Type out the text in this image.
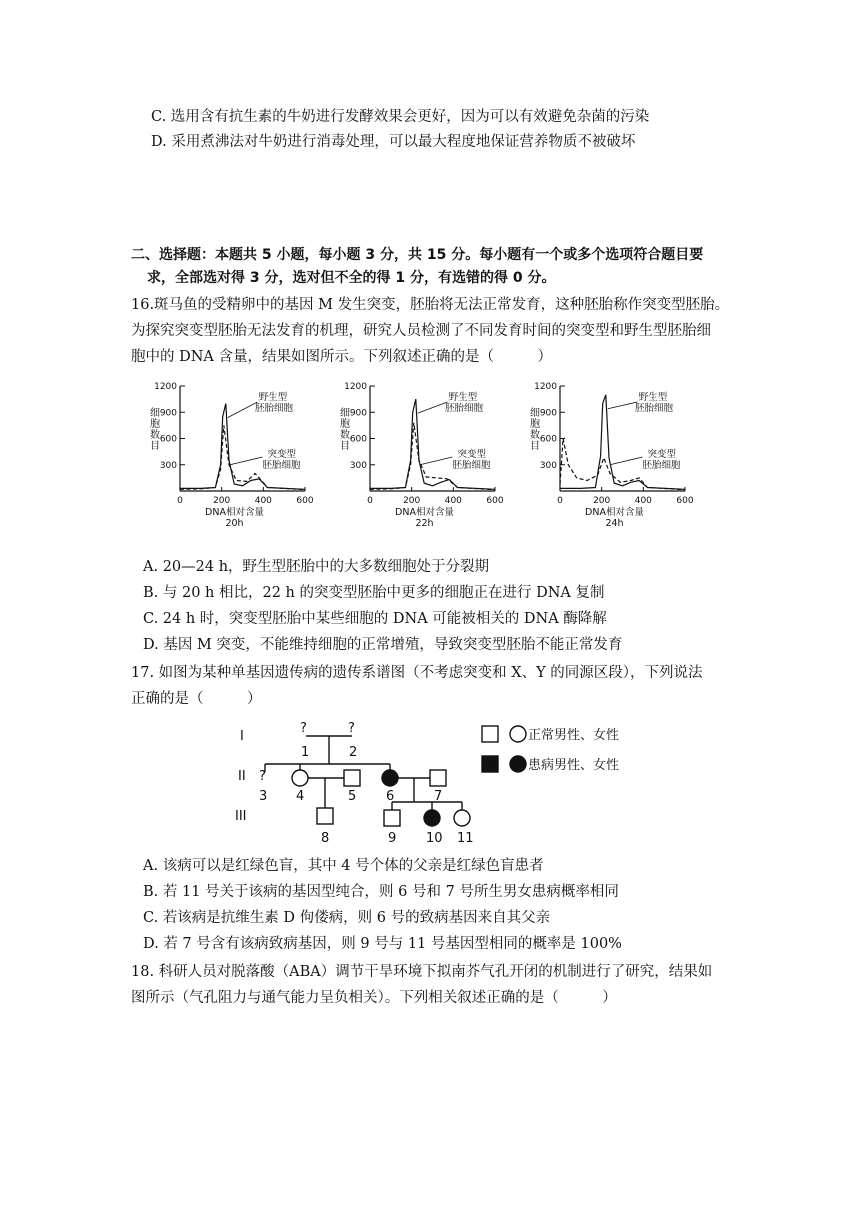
C. 选用含有抗生素的牛奶进行发酵效果会更好，因为可以有效避免杂菌的污染
D. 采用煮沸法对牛奶进行消毒处理，可以最大程度地保证营养物质不被破坏
二、选择题：本题共 5 小题，每小题 3 分，共 15 分。每小题有一个或多个选项符合题目要
求，全部选对得 3 分，选对但不全的得 1 分，有选错的得 0 分。
16.斑马鱼的受精卵中的基因 M 发生突变，胚胎将无法正常发育，这种胚胎称作突变型胚胎。
为探究突变型胚胎无法发育的机理，研究人员检测了不同发育时间的突变型和野生型胚胎细
胞中的 DNA 含量，结果如图所示。下列叙述正确的是（　　　）
300
600
900
1200
0	200	400	600
细
胞
数
目
DNA相对含量
20h
野生型
胚胎细胞
突变型
胚胎细胞	300
600
900
1200
0	200	400	600
细
胞
数
目
DNA相对含量
22h
野生型
胚胎细胞
突变型
胚胎细胞	300
600
900
1200
0	200	400	600
细
胞
数
目
DNA相对含量
24h
野生型
胚胎细胞
突变型
胚胎细胞
A. 20—24 h，野生型胚胎中的大多数细胞处于分裂期
B. 与 20 h 相比，22 h 的突变型胚胎中更多的细胞正在进行 DNA 复制
C. 24 h 时，突变型胚胎中某些细胞的 DNA 可能被相关的 DNA 酶降解
D. 基因 M 突变，不能维持细胞的正常增殖，导致突变型胚胎不能正常发育
17. 如图为某种单基因遗传病的遗传系谱图（不考虑突变和 X、Y 的同源区段），下列说法
正确的是（　　　）
I
II
III
?	?
1	2
?
3 4	5 6	7
8	9 10 11
正常男性、女性
患病男性、女性
A. 该病可以是红绿色盲，其中 4 号个体的父亲是红绿色盲患者
B. 若 11 号关于该病的基因型纯合，则 6 号和 7 号所生男女患病概率相同
C. 若该病是抗维生素 D 佝偻病，则 6 号的致病基因来自其父亲
D. 若 7 号含有该病致病基因，则 9 号与 11 号基因型相同的概率是 100%
18. 科研人员对脱落酸（ABA）调节干旱环境下拟南芥气孔开闭的机制进行了研究，结果如
图所示（气孔阻力与通气能力呈负相关）。下列相关叙述正确的是（　　　）
